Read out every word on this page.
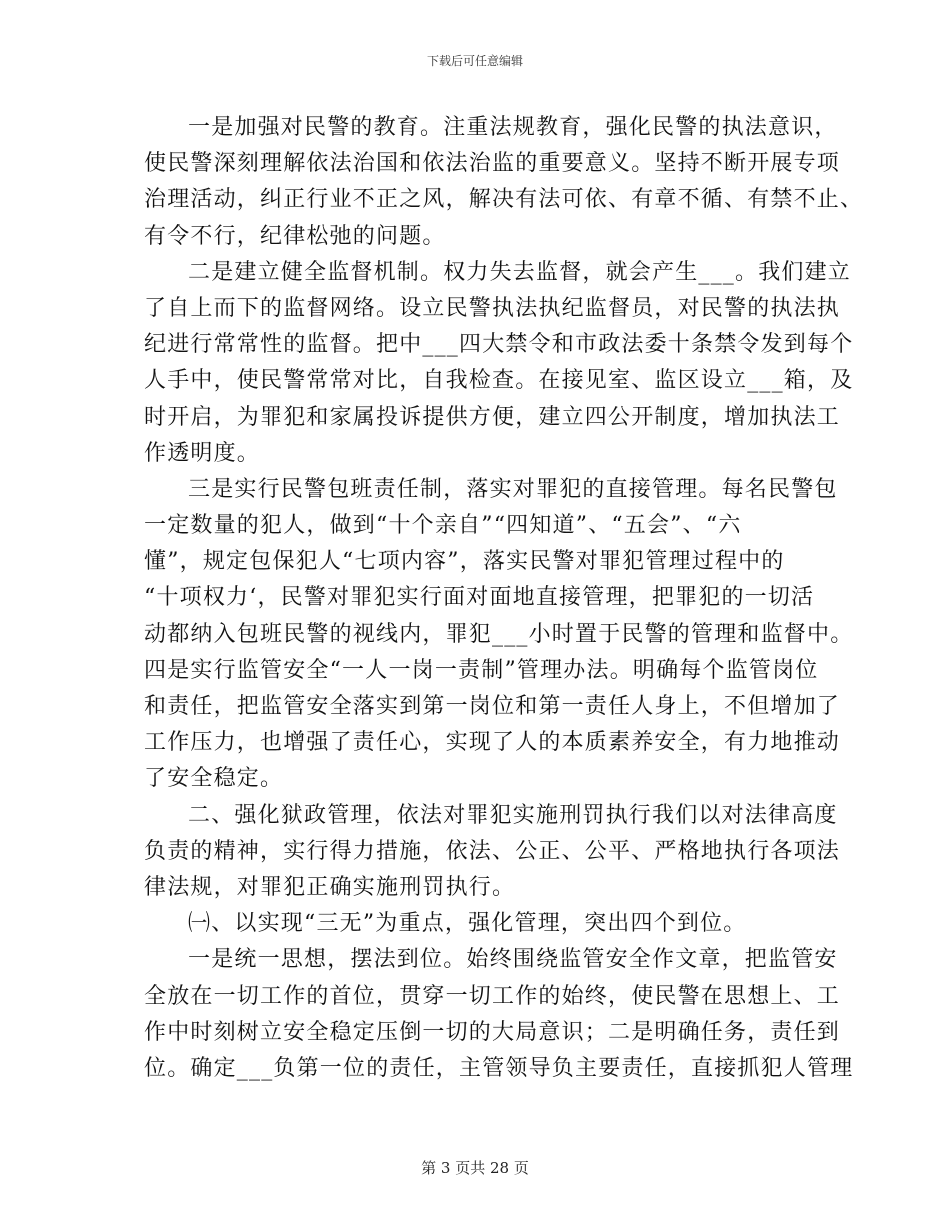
下载后可任意编辑
一是加强对民警的教育。注重法规教育，强化民警的执法意识，
使民警深刻理解依法治国和依法治监的重要意义。坚持不断开展专项
治理活动，纠正行业不正之风，解决有法可依、有章不循、有禁不止、
有令不行，纪律松弛的问题。
二是建立健全监督机制。权力失去监督，就会产生___。我们建立
了自上而下的监督网络。设立民警执法执纪监督员，对民警的执法执
纪进行常常性的监督。把中___四大禁令和市政法委十条禁令发到每个
人手中，使民警常常对比，自我检查。在接见室、监区设立___箱，及
时开启，为罪犯和家属投诉提供方便，建立四公开制度，增加执法工
作透明度。
三是实行民警包班责任制，落实对罪犯的直接管理。每名民警包
一定数量的犯人，做到“十个亲自”“四知道”、“五会”、“六
懂”，规定包保犯人“七项内容”，落实民警对罪犯管理过程中的
“十项权力‘，民警对罪犯实行面对面地直接管理，把罪犯的一切活
动都纳入包班民警的视线内，罪犯___小时置于民警的管理和监督中。
四是实行监管安全“一人一岗一责制”管理办法。明确每个监管岗位
和责任，把监管安全落实到第一岗位和第一责任人身上，不但增加了
工作压力，也增强了责任心，实现了人的本质素养安全，有力地推动
了安全稳定。
二、强化狱政管理，依法对罪犯实施刑罚执行我们以对法律高度
负责的精神，实行得力措施，依法、公正、公平、严格地执行各项法
律法规，对罪犯正确实施刑罚执行。
㈠、以实现“三无”为重点，强化管理，突出四个到位。
一是统一思想，摆法到位。始终围绕监管安全作文章，把监管安
全放在一切工作的首位，贯穿一切工作的始终，使民警在思想上、工
作中时刻树立安全稳定压倒一切的大局意识；二是明确任务，责任到
位。确定___负第一位的责任，主管领导负主要责任，直接抓犯人管理
第 3 页共 28 页
